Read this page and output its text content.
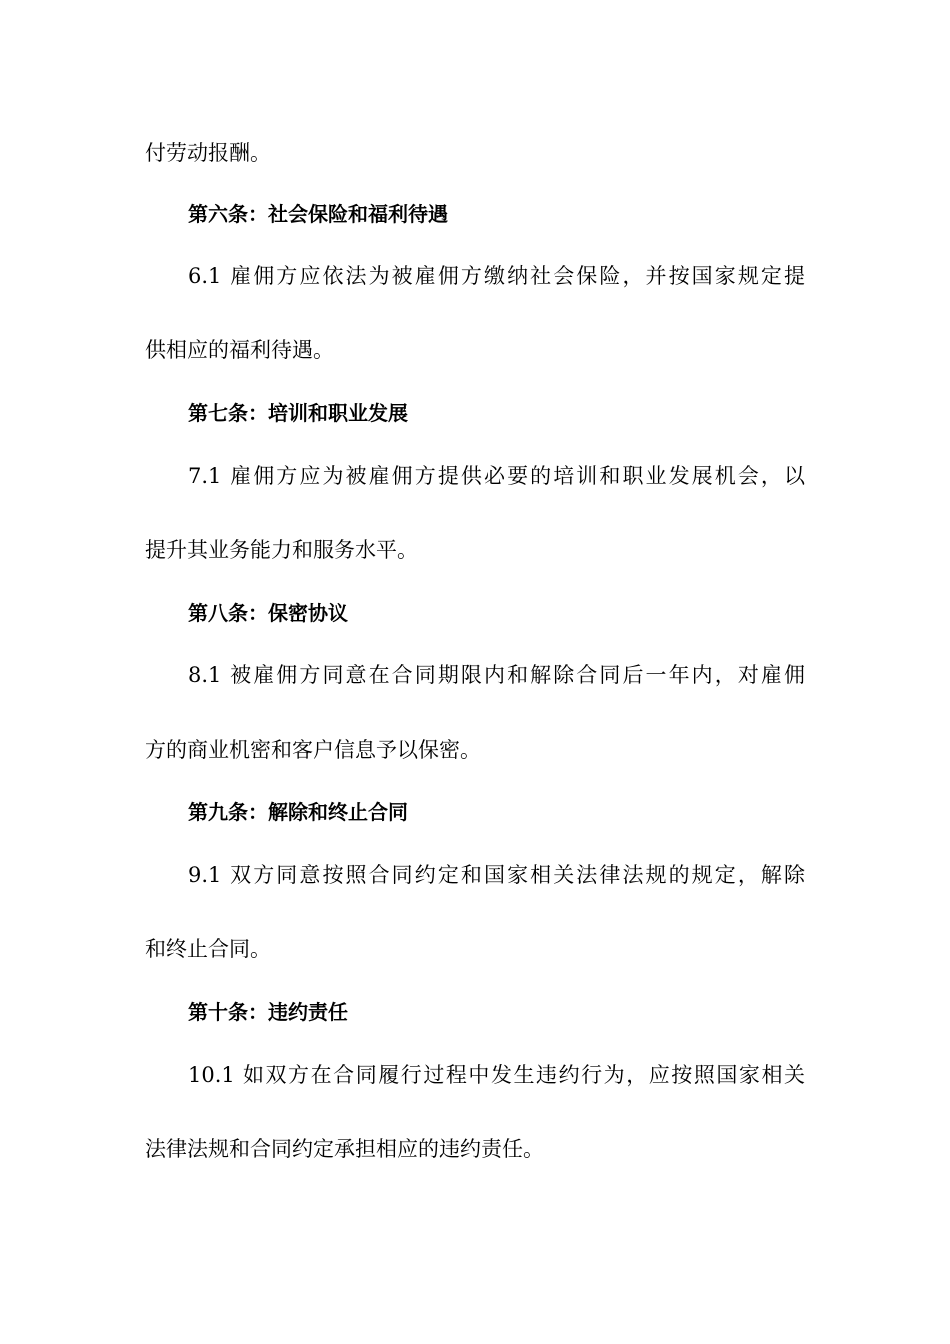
付劳动报酬。
第六条：社会保险和福利待遇
6.1 雇佣方应依法为被雇佣方缴纳社会保险，并按国家规定提
供相应的福利待遇。
第七条：培训和职业发展
7.1 雇佣方应为被雇佣方提供必要的培训和职业发展机会，以
提升其业务能力和服务水平。
第八条：保密协议
8.1 被雇佣方同意在合同期限内和解除合同后一年内，对雇佣
方的商业机密和客户信息予以保密。
第九条：解除和终止合同
9.1 双方同意按照合同约定和国家相关法律法规的规定，解除
和终止合同。
第十条：违约责任
10.1 如双方在合同履行过程中发生违约行为，应按照国家相关
法律法规和合同约定承担相应的违约责任。
